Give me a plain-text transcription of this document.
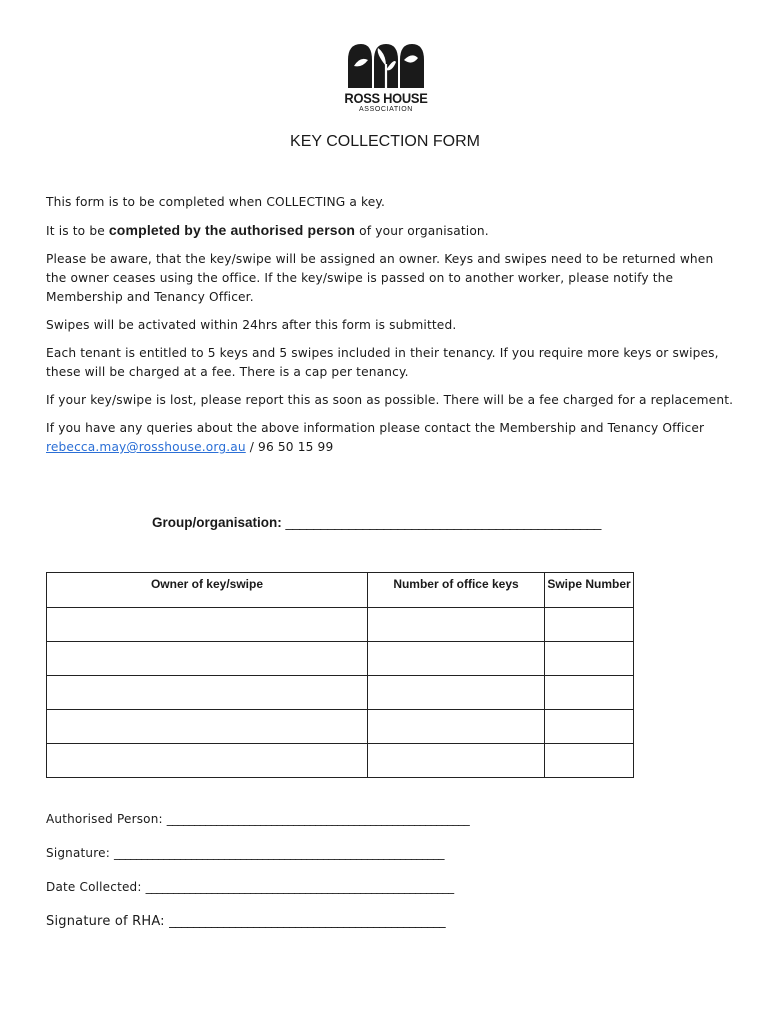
ROSS HOUSE
ASSOCIATION
KEY COLLECTION FORM

This form is to be completed when COLLECTING a key.

It is to be completed by the authorised person of your organisation.

Please be aware, that the key/swipe will be assigned an owner. Keys and swipes need to be returned when the owner ceases using the office. If the key/swipe is passed on to another worker, please notify the Membership and Tenancy Officer.

Swipes will be activated within 24hrs after this form is submitted.

Each tenant is entitled to 5 keys and 5 swipes included in their tenancy. If you require more keys or swipes, these will be charged at a fee. There is a cap per tenancy.

If your key/swipe is lost, please report this as soon as possible. There will be a fee charged for a replacement.

If you have any queries about the above information please contact the Membership and Tenancy Officer rebecca.may@rosshouse.org.au / 96 50 15 99

Group/organisation: _____________________________________________
Owner of key/swipe	Number of office keys	Swipe Number

Authorised Person: _______________________________________________________
Signature: ____________________________________________________________
Date Collected: ________________________________________________________
Signature of RHA: ______________________________________________
